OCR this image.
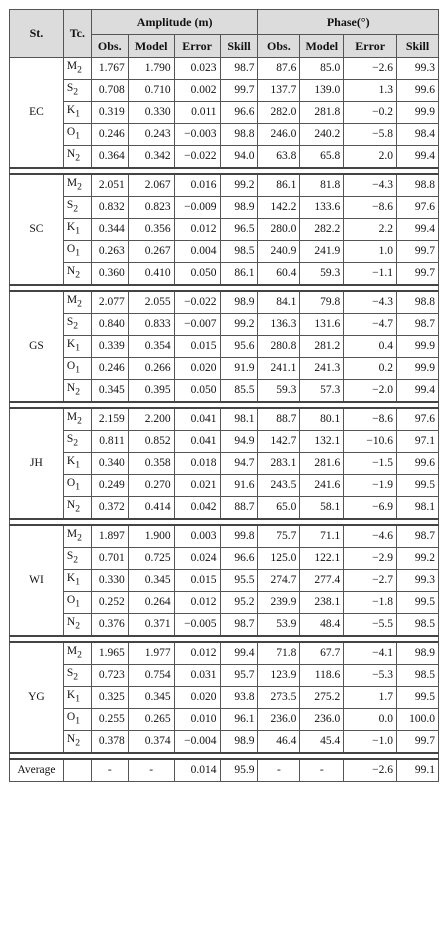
St.	Tc.	Amplitude (m)				Phase(°)			
		Obs.	Model	Error	Skill	Obs.	Model	Error	Skill
EC	$M_2$	1.767	1.790	0.023	98.7	87.6	85.0	−2.6	99.3
	$S_2$	0.708	0.710	0.002	99.7	137.7	139.0	1.3	99.6
	$K_1$	0.319	0.330	0.011	96.6	282.0	281.8	−0.2	99.9
	$O_1$	0.246	0.243	−0.003	98.8	246.0	240.2	−5.8	98.4
	$N_2$	0.364	0.342	−0.022	94.0	63.8	65.8	2.0	99.4

SC	$M_2$	2.051	2.067	0.016	99.2	86.1	81.8	−4.3	98.8
	$S_2$	0.832	0.823	−0.009	98.9	142.2	133.6	−8.6	97.6
	$K_1$	0.344	0.356	0.012	96.5	280.0	282.2	2.2	99.4
	$O_1$	0.263	0.267	0.004	98.5	240.9	241.9	1.0	99.7
	$N_2$	0.360	0.410	0.050	86.1	60.4	59.3	−1.1	99.7

GS	$M_2$	2.077	2.055	−0.022	98.9	84.1	79.8	−4.3	98.8
	$S_2$	0.840	0.833	−0.007	99.2	136.3	131.6	−4.7	98.7
	$K_1$	0.339	0.354	0.015	95.6	280.8	281.2	0.4	99.9
	$O_1$	0.246	0.266	0.020	91.9	241.1	241.3	0.2	99.9
	$N_2$	0.345	0.395	0.050	85.5	59.3	57.3	−2.0	99.4

JH	$M_2$	2.159	2.200	0.041	98.1	88.7	80.1	−8.6	97.6
	$S_2$	0.811	0.852	0.041	94.9	142.7	132.1	−10.6	97.1
	$K_1$	0.340	0.358	0.018	94.7	283.1	281.6	−1.5	99.6
	$O_1$	0.249	0.270	0.021	91.6	243.5	241.6	−1.9	99.5
	$N_2$	0.372	0.414	0.042	88.7	65.0	58.1	−6.9	98.1

WI	$M_2$	1.897	1.900	0.003	99.8	75.7	71.1	−4.6	98.7
	$S_2$	0.701	0.725	0.024	96.6	125.0	122.1	−2.9	99.2
	$K_1$	0.330	0.345	0.015	95.5	274.7	277.4	−2.7	99.3
	$O_1$	0.252	0.264	0.012	95.2	239.9	238.1	−1.8	99.5
	$N_2$	0.376	0.371	−0.005	98.7	53.9	48.4	−5.5	98.5

YG	$M_2$	1.965	1.977	0.012	99.4	71.8	67.7	−4.1	98.9
	$S_2$	0.723	0.754	0.031	95.7	123.9	118.6	−5.3	98.5
	$K_1$	0.325	0.345	0.020	93.8	273.5	275.2	1.7	99.5
	$O_1$	0.255	0.265	0.010	96.1	236.0	236.0	0.0	100.0
	$N_2$	0.378	0.374	−0.004	98.9	46.4	45.4	−1.0	99.7

Average		-	-	0.014	95.9	-	-	−2.6	99.1
